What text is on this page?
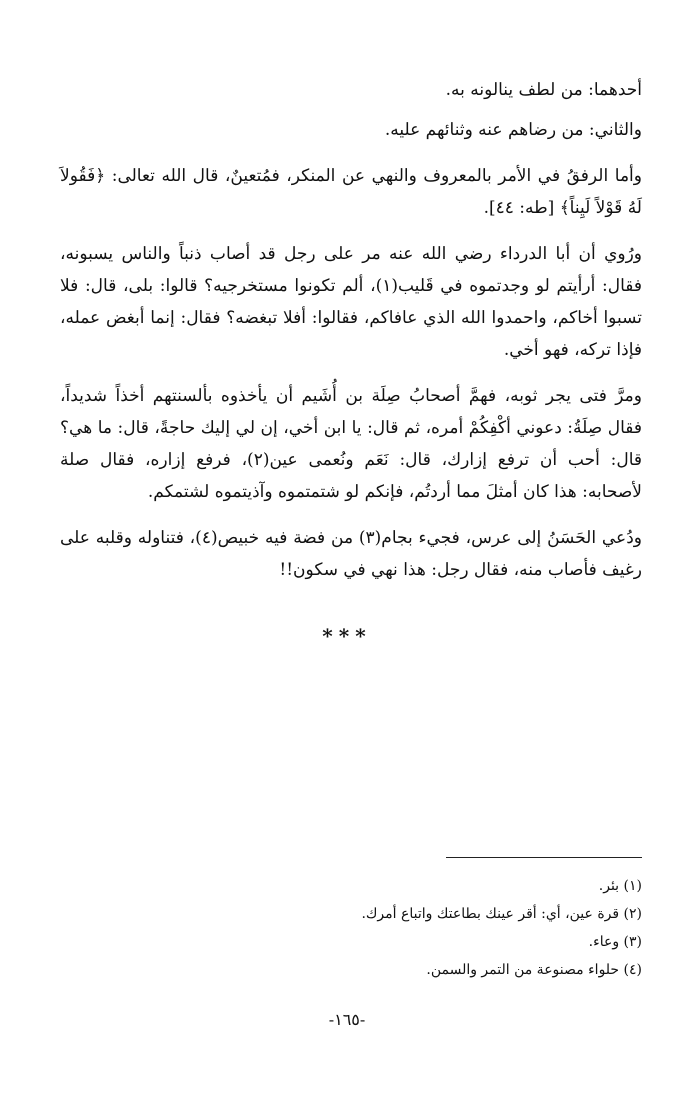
أحدهما: من لطف ينالونه به.

والثاني: من رضاهم عنه وثنائهم عليه.

وأما الرفقُ في الأمر بالمعروف والنهي عن المنكر، فمُتعينٌ، قال الله تعالى: ﴿فَقُولاَ لَهُ قَوْلاً لَيِناً﴾ [طه: ٤٤].

ورُوي أن أبا الدرداء رضي الله عنه مر على رجل قد أصاب ذنباً والناس يسبونه، فقال: أرأيتم لو وجدتموه في قَليب(١)، ألم تكونوا مستخرجيه؟ قالوا: بلى، قال: فلا تسبوا أخاكم، واحمدوا الله الذي عافاكم، فقالوا: أفلا تبغضه؟ فقال: إنما أبغض عمله، فإذا تركه، فهو أخي.

ومرَّ فتى يجر ثوبه، فهمَّ أصحابُ صِلَة بن أُشَيم أن يأخذوه بألسنتهم أخذاً شديداً، فقال صِلَةُ: دعوني أكْفِكُمْ أمره، ثم قال: يا ابن أخي، إن لي إليك حاجةً، قال: ما هي؟ قال: أحب أن ترفع إزارك، قال: نَعَم ونُعمى عين(٢)، فرفع إزاره، فقال صلة لأصحابه: هذا كان أمثلَ مما أردتُم، فإنكم لو شتمتموه وآذيتموه لشتمكم.

ودُعي الحَسَنُ إلى عرس، فجيء بجام(٣) من فضة فيه خبيص(٤)، فتناوله وقلبه على رغيف فأصاب منه، فقال رجل: هذا نهي في سكون!!

***

(١) بئر.

(٢) قرة عين، أي: أقر عينك بطاعتك واتباع أمرك.

(٣) وعاء.

(٤) حلواء مصنوعة من التمر والسمن.

-١٦٥-
